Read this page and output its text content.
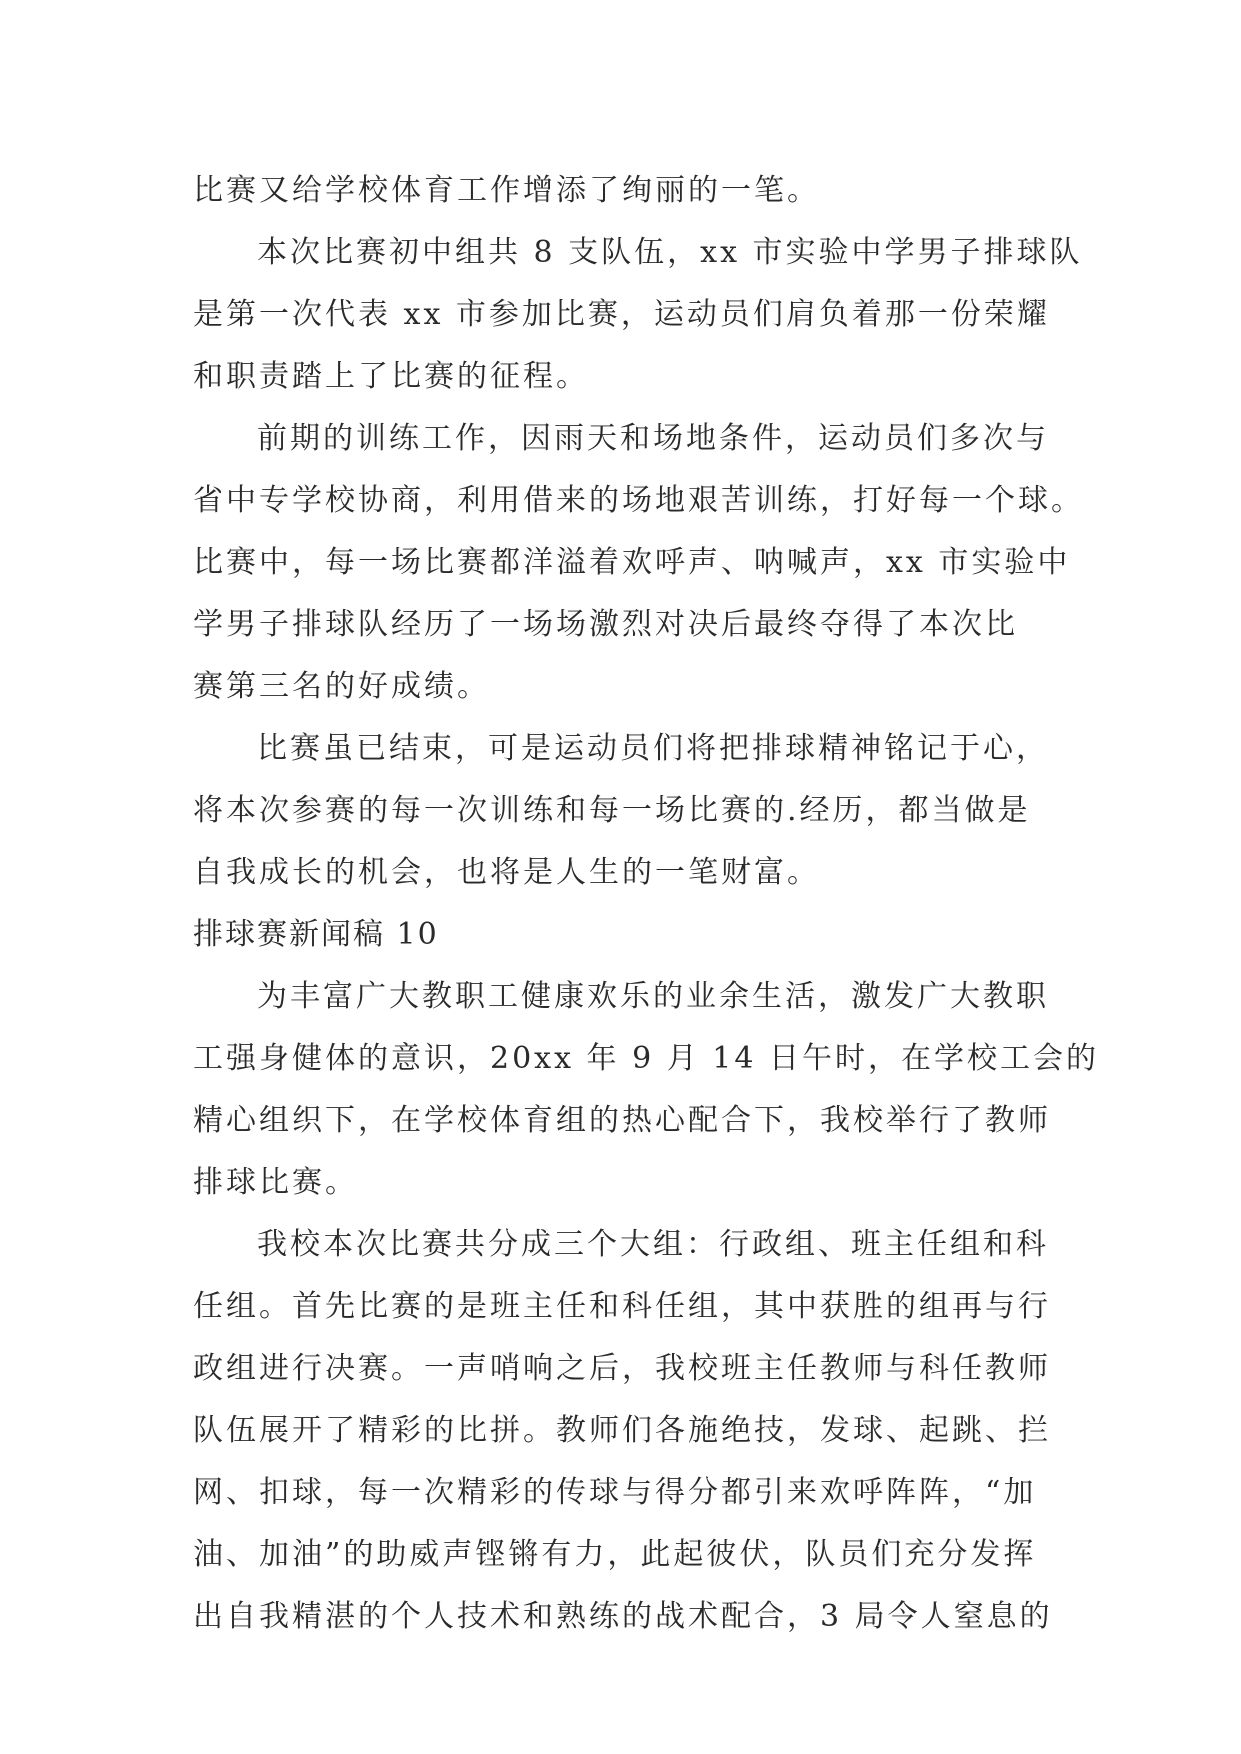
比赛又给学校体育工作增添了绚丽的一笔。
本次比赛初中组共 8 支队伍，xx 市实验中学男子排球队
是第一次代表 xx 市参加比赛，运动员们肩负着那一份荣耀
和职责踏上了比赛的征程。
前期的训练工作，因雨天和场地条件，运动员们多次与
省中专学校协商，利用借来的场地艰苦训练，打好每一个球。
比赛中，每一场比赛都洋溢着欢呼声、呐喊声，xx 市实验中
学男子排球队经历了一场场激烈对决后最终夺得了本次比
赛第三名的好成绩。
比赛虽已结束，可是运动员们将把排球精神铭记于心，
将本次参赛的每一次训练和每一场比赛的.经历，都当做是
自我成长的机会，也将是人生的一笔财富。
排球赛新闻稿 10
为丰富广大教职工健康欢乐的业余生活，激发广大教职
工强身健体的意识，20xx 年 9 月 14 日午时，在学校工会的
精心组织下，在学校体育组的热心配合下，我校举行了教师
排球比赛。
我校本次比赛共分成三个大组：行政组、班主任组和科
任组。首先比赛的是班主任和科任组，其中获胜的组再与行
政组进行决赛。一声哨响之后，我校班主任教师与科任教师
队伍展开了精彩的比拼。教师们各施绝技，发球、起跳、拦
网、扣球，每一次精彩的传球与得分都引来欢呼阵阵，“加
油、加油”的助威声铿锵有力，此起彼伏，队员们充分发挥
出自我精湛的个人技术和熟练的战术配合，3 局令人窒息的
